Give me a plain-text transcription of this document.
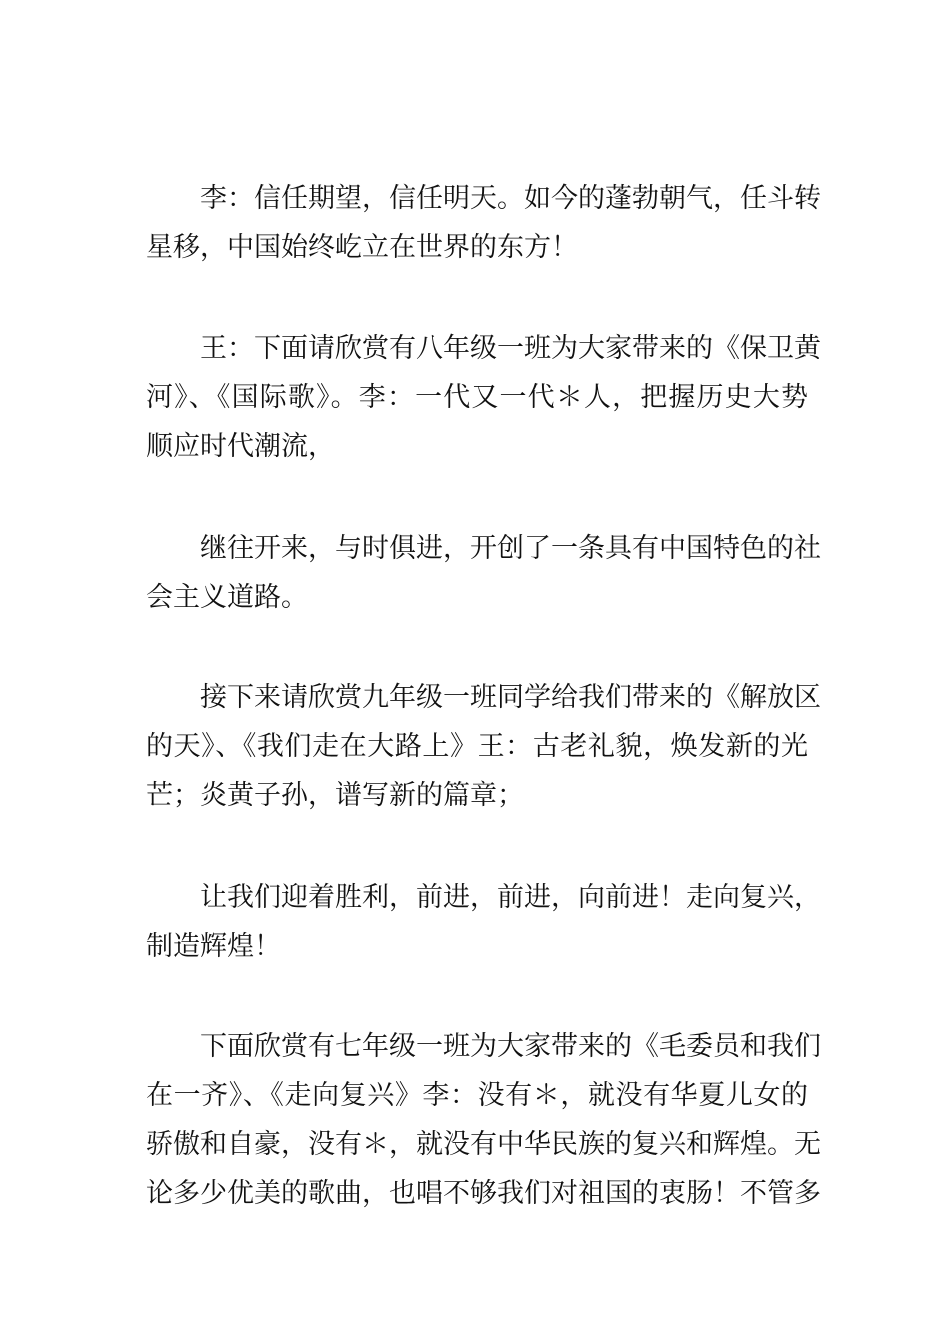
李：信任期望，信任明天。如今的蓬勃朝气，任斗转
星移，中国始终屹立在世界的东方！

王：下面请欣赏有八年级一班为大家带来的《保卫黄
河》、《国际歌》。李：一代又一代＊人，把握历史大势
顺应时代潮流，

继往开来，与时俱进，开创了一条具有中国特色的社
会主义道路。

接下来请欣赏九年级一班同学给我们带来的《解放区
的天》、《我们走在大路上》王：古老礼貌，焕发新的光
芒；炎黄子孙，谱写新的篇章；

让我们迎着胜利，前进，前进，向前进！走向复兴，
制造辉煌！

下面欣赏有七年级一班为大家带来的《毛委员和我们
在一齐》、《走向复兴》李：没有＊，就没有华夏儿女的
骄傲和自豪，没有＊，就没有中华民族的复兴和辉煌。无
论多少优美的歌曲，也唱不够我们对祖国的衷肠！不管多
